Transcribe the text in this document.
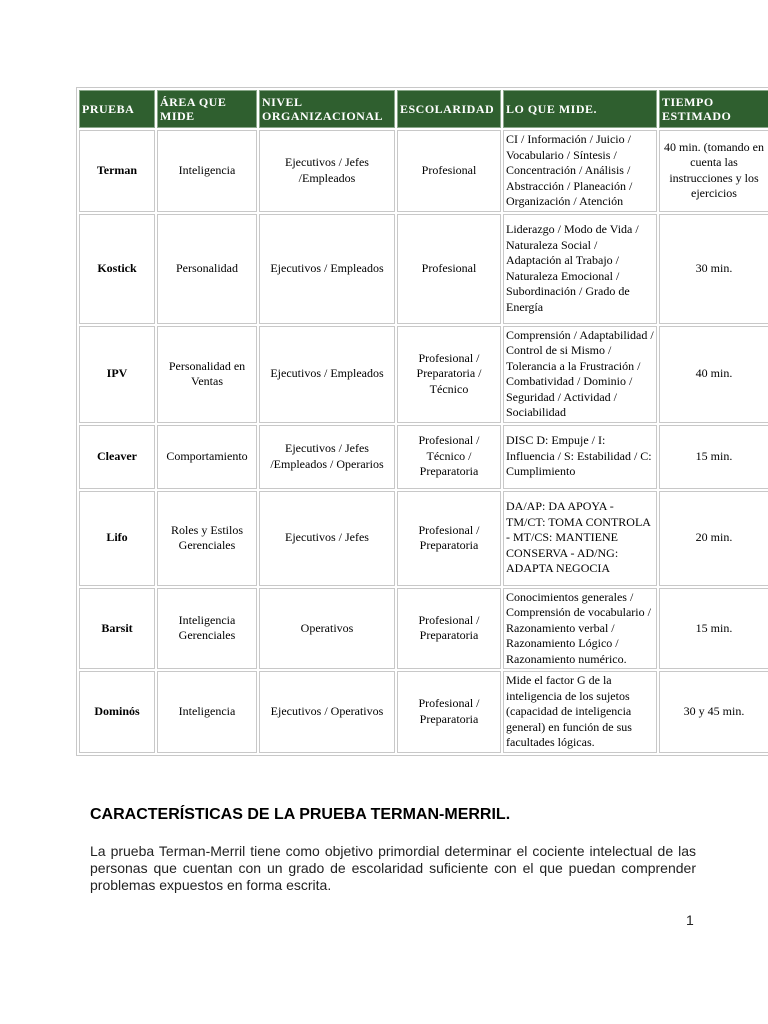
PRUEBA	ÁREA QUE MIDE	NIVEL ORGANIZACIONAL	ESCOLARIDAD	LO QUE MIDE.	TIEMPO ESTIMADO
Terman	Inteligencia	Ejecutivos / Jefes /Empleados	Profesional	CI / Información / Juicio / Vocabulario / Síntesis / Concentración / Análisis / Abstracción / Planeación / Organización / Atención	40 min. (tomando en cuenta las instrucciones y los ejercicios
Kostick	Personalidad	Ejecutivos / Empleados	Profesional	Liderazgo / Modo de Vida / Naturaleza Social / Adaptación al Trabajo / Naturaleza Emocional / Subordinación / Grado de Energía	30 min.
IPV	Personalidad en Ventas	Ejecutivos / Empleados	Profesional / Preparatoria / Técnico	Comprensión / Adaptabilidad / Control de si Mismo / Tolerancia a la Frustración / Combatividad / Dominio / Seguridad / Actividad / Sociabilidad	40 min.
Cleaver	Comportamiento	Ejecutivos / Jefes /Empleados / Operarios	Profesional / Técnico / Preparatoria	DISC D: Empuje / I: Influencia / S: Estabilidad / C: Cumplimiento	15 min.
Lifo	Roles y Estilos Gerenciales	Ejecutivos / Jefes	Profesional / Preparatoria	DA/AP: DA APOYA - TM/CT: TOMA CONTROLA - MT/CS: MANTIENE CONSERVA - AD/NG: ADAPTA NEGOCIA	20 min.
Barsit	Inteligencia Gerenciales	Operativos	Profesional / Preparatoria	Conocimientos generales / Comprensión de vocabulario / Razonamiento verbal / Razonamiento Lógico / Razonamiento numérico.	15 min.
Dominós	Inteligencia	Ejecutivos / Operativos	Profesional / Preparatoria	Mide el factor G de la inteligencia de los sujetos (capacidad de inteligencia general) en función de sus facultades lógicas.	30 y 45 min.
CARACTERÍSTICAS DE LA PRUEBA TERMAN-MERRIL.

La prueba Terman-Merril tiene como objetivo primordial determinar el cociente intelectual de las personas que cuentan con un grado de escolaridad suficiente con el que puedan comprender problemas expuestos en forma escrita.

1
